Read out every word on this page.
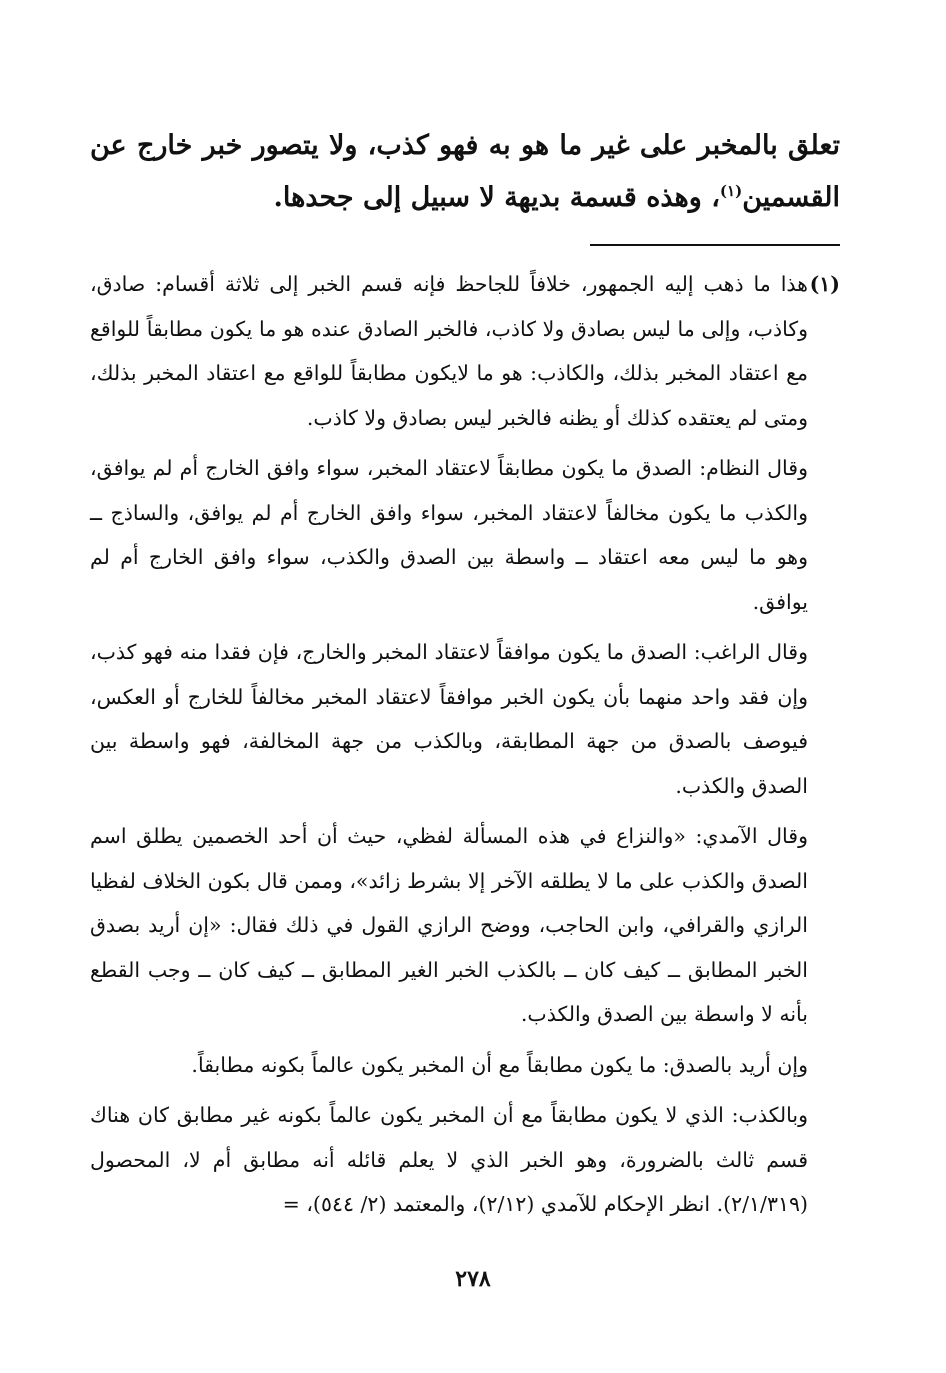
تعلق بالمخبر على غير ما هو به فهو كذب، ولا يتصور خبر خارج عن القسمين$^{(١)}$، وهذه قسمة بديهة لا سبيل إلى جحدها.

(١)

هذا ما ذهب إليه الجمهور، خلافاً للجاحظ فإنه قسم الخبر إلى ثلاثة أقسام: صادق، وكاذب، وإلى ما ليس بصادق ولا كاذب، فالخبر الصادق عنده هو ما يكون مطابقاً للواقع مع اعتقاد المخبر بذلك، والكاذب: هو ما لايكون مطابقاً للواقع مع اعتقاد المخبر بذلك، ومتى لم يعتقده كذلك أو يظنه فالخبر ليس بصادق ولا كاذب.

وقال النظام: الصدق ما يكون مطابقاً لاعتقاد المخبر، سواء وافق الخارج أم لم يوافق، والكذب ما يكون مخالفاً لاعتقاد المخبر، سواء وافق الخارج أم لم يوافق، والساذج ــ وهو ما ليس معه اعتقاد ــ واسطة بين الصدق والكذب، سواء وافق الخارج أم لم يوافق.

وقال الراغب: الصدق ما يكون موافقاً لاعتقاد المخبر والخارج، فإن فقدا منه فهو كذب، وإن فقد واحد منهما بأن يكون الخبر موافقاً لاعتقاد المخبر مخالفاً للخارج أو العكس، فيوصف بالصدق من جهة المطابقة، وبالكذب من جهة المخالفة، فهو واسطة بين الصدق والكذب.

وقال الآمدي: «والنزاع في هذه المسألة لفظي، حيث أن أحد الخصمين يطلق اسم الصدق والكذب على ما لا يطلقه الآخر إلا بشرط زائد»، وممن قال بكون الخلاف لفظيا الرازي والقرافي، وابن الحاجب، ووضح الرازي القول في ذلك فقال: «إن أريد بصدق الخبر المطابق ــ كيف كان ــ بالكذب الخبر الغير المطابق ــ كيف كان ــ وجب القطع بأنه لا واسطة بين الصدق والكذب.

وإن أريد بالصدق: ما يكون مطابقاً مع أن المخبر يكون عالماً بكونه مطابقاً.

وبالكذب: الذي لا يكون مطابقاً مع أن المخبر يكون عالماً بكونه غير مطابق كان هناك قسم ثالث بالضرورة، وهو الخبر الذي لا يعلم قائله أنه مطابق أم لا، المحصول (٢/١/٣١٩). انظر الإحكام للآمدي (٢/١٢)، والمعتمد (٢/ ٥٤٤)، =

٢٧٨
